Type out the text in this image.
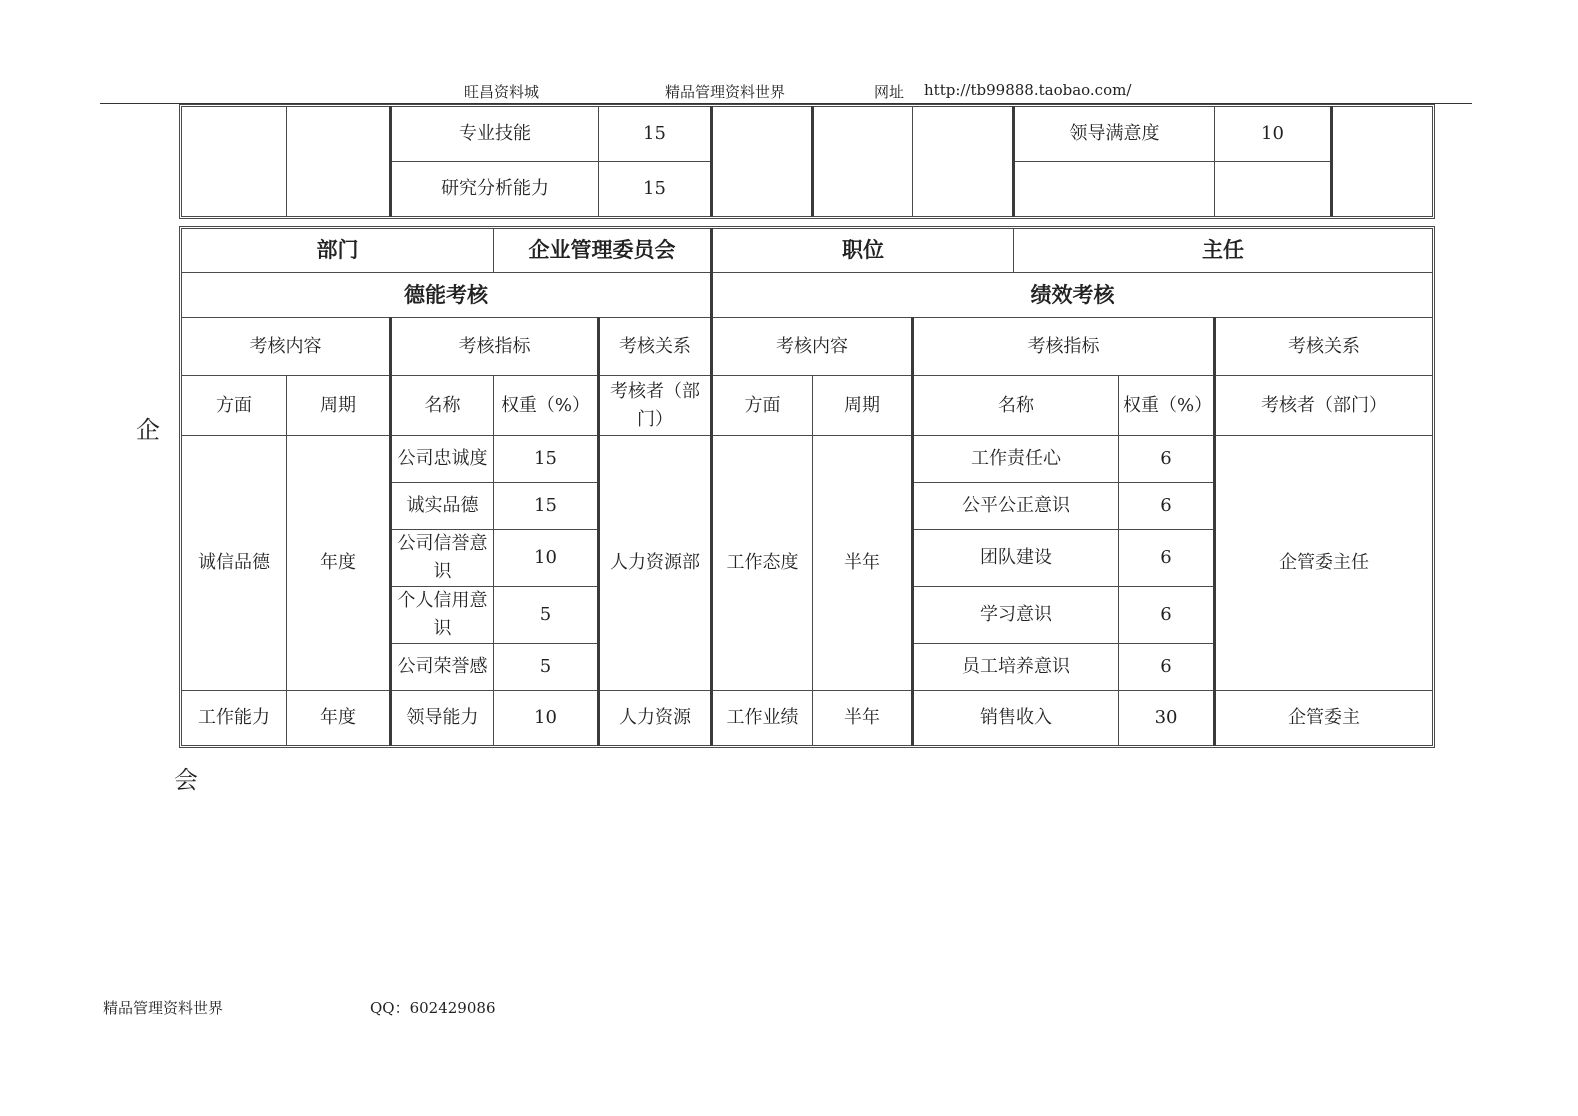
旺昌资料城	精品管理资料世界	网址 http://tb99888.taobao.com/
企
会
		专业技能	15				领导满意度	10	
		研究分析能力	15						
部门			企业管理委员会		职位			主任		
德能考核					绩效考核					
考核内容		考核指标		考核关系	考核内容		考核指标			考核关系
方面	周期	名称	权重（%）	考核者（部门）	方面	周期	名称		权重（%）	考核者（部门）
诚信品德	年度	公司忠诚度	15	人力资源部	工作态度	半年	工作责任心		6	企管委主任
		诚实品德	15				公平公正意识		6	
		公司信誉意识	10				团队建设		6	
		个人信用意识	5				学习意识		6	
		公司荣誉感	5				员工培养意识		6	
工作能力	年度	领导能力	10	人力资源	工作业绩	半年	销售收入		30	企管委主
精品管理资料世界	QQ：602429086
